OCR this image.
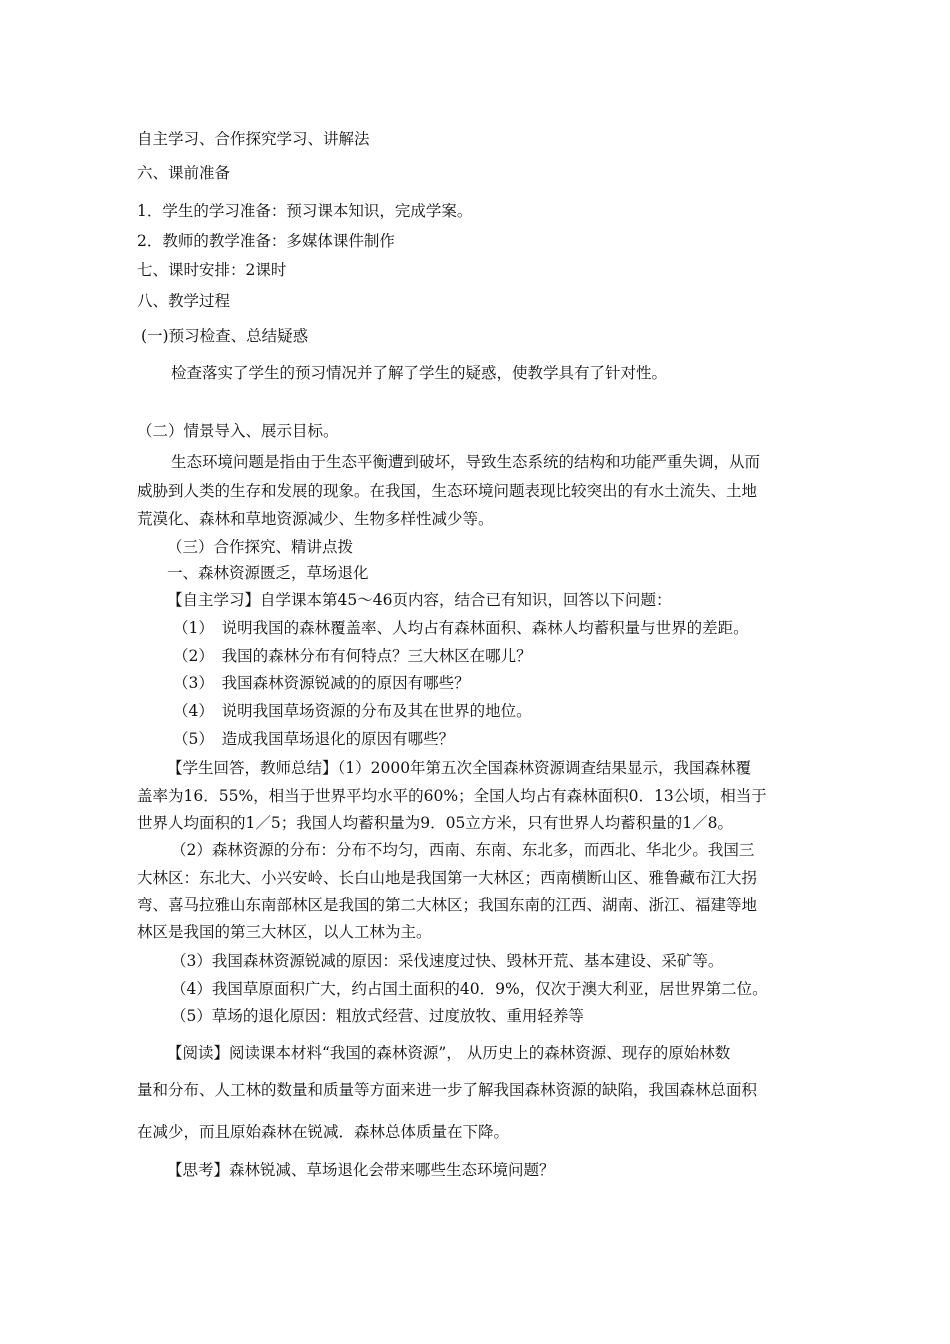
自主学习、合作探究学习、讲解法
六、课前准备
1．学生的学习准备：预习课本知识，完成学案。
2．教师的教学准备：多媒体课件制作
七、课时安排：2课时
八、教学过程
(一)预习检查、总结疑惑
检查落实了学生的预习情况并了解了学生的疑惑，使教学具有了针对性。
（二）情景导入、展示目标。
生态环境问题是指由于生态平衡遭到破坏，导致生态系统的结构和功能严重失调，从而
威胁到人类的生存和发展的现象。在我国，生态环境问题表现比较突出的有水土流失、土地
荒漠化、森林和草地资源减少、生物多样性减少等。
（三）合作探究、精讲点拨
一、森林资源匮乏，草场退化
【自主学习】自学课本第45～46页内容，结合已有知识，回答以下问题：
（1）　说明我国的森林覆盖率、人均占有森林面积、森林人均蓄积量与世界的差距。
（2）　我国的森林分布有何特点？三大林区在哪儿？
（3）　我国森林资源锐减的的原因有哪些？
（4）　说明我国草场资源的分布及其在世界的地位。
（5）　造成我国草场退化的原因有哪些？
【学生回答，教师总结】（1）2000年第五次全国森林资源调查结果显示，我国森林覆
盖率为16．55%，相当于世界平均水平的60%；全国人均占有森林面积0．13公顷，相当于
世界人均面积的1／5；我国人均蓄积量为9．05立方米，只有世界人均蓄积量的1／8。
（2）森林资源的分布：分布不均匀，西南、东南、东北多，而西北、华北少。我国三
大林区：东北大、小兴安岭、长白山地是我国第一大林区；西南横断山区、雅鲁藏布江大拐
弯、喜马拉雅山东南部林区是我国的第二大林区；我国东南的江西、湖南、浙江、福建等地
林区是我国的第三大林区，以人工林为主。
（3）我国森林资源锐减的原因：采伐速度过快、毁林开荒、基本建设、采矿等。
（4）我国草原面积广大，约占国土面积的40．9%，仅次于澳大利亚，居世界第二位。
（5）草场的退化原因：粗放式经营、过度放牧、重用轻养等
【阅读】阅读课本材料“我国的森林资源”， 从历史上的森林资源、现存的原始林数
量和分布、人工林的数量和质量等方面来进一步了解我国森林资源的缺陷，我国森林总面积
在减少，而且原始森林在锐减．森林总体质量在下降。
【思考】森林锐减、草场退化会带来哪些生态环境问题？
